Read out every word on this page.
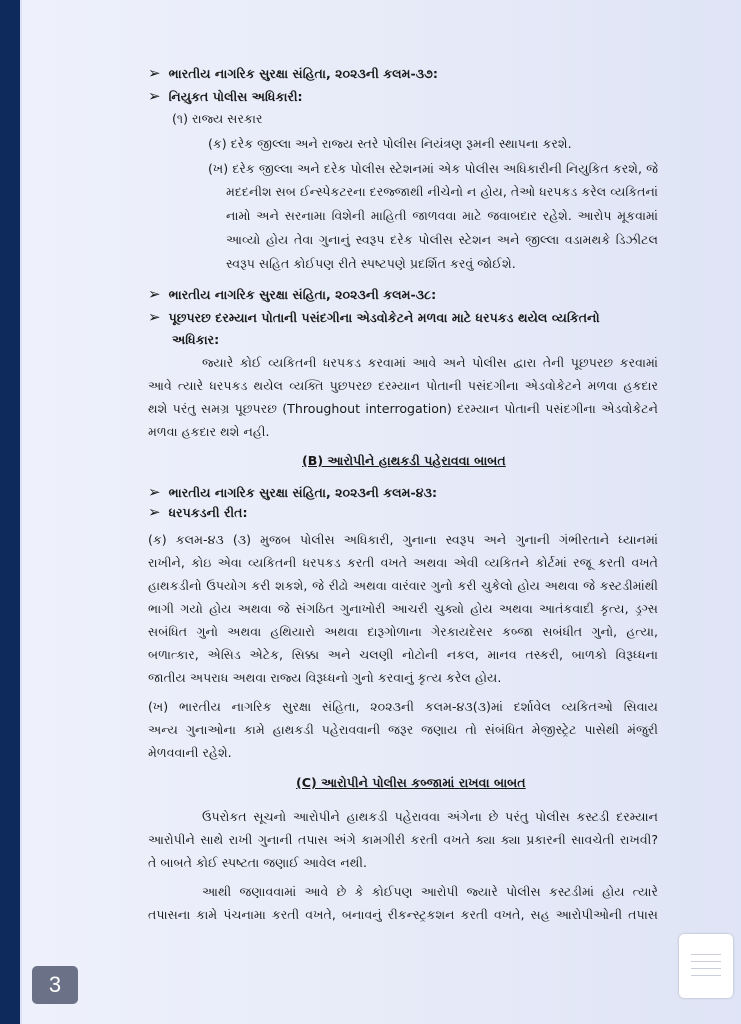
➢ ભારતીય નાગરિક સુરક્ષા સંહિતા, ૨૦૨૩ની કલમ-૩૭:
➢ નિયુકત પોલીસ અધિકારી:
(૧) રાજ્ય સરકાર
(ક) દરેક જીલ્લા અને રાજ્ય સ્તરે પોલીસ નિયંત્રણ રૂમની સ્થાપના કરશે.
(ખ) દરેક જીલ્લા અને દરેક પોલીસ સ્ટેશનમાં એક પોલીસ અધિકારીની નિયુકિત કરશે, જે
મદદનીશ સબ ઈન્સ્પેકટરના દરજ્જાથી નીચેનો ન હોય, તેઓ ધરપકડ કરેલ વ્યકિતનાં
નામો અને સરનામા વિશેની માહિતી જાળવવા માટે જવાબદાર રહેશે. આરોપ મૂકવામાં
આવ્યો હોય તેવા ગુનાનું સ્વરૂપ દરેક પોલીસ સ્ટેશન અને જીલ્લા વડામથકે ડિઝીટલ
સ્વરૂપ સહિત કોઈપણ રીતે સ્પષ્ટપણે પ્રદર્શિત કરવું જોઈશે.
➢ ભારતીય નાગરિક સુરક્ષા સંહિતા, ૨૦૨૩ની કલમ-૩૮:
➢ પૂછપરછ દરમ્યાન પોતાની પસંદગીના એડવોકેટને મળવા માટે ધરપકડ થયેલ વ્યકિતનો
અધિકાર:
જ્યારે કોઈ વ્યકિતની ધરપકડ કરવામાં આવે અને પોલીસ દ્વારા તેની પૂછપરછ કરવામાં
આવે ત્યારે ધરપકડ થયેલ વ્યક્તિ પુછપરછ દરમ્યાન પોતાની પસંદગીના એડવોકેટને મળવા હકદાર
થશે પરંતુ સમગ્ર પૂછપરછ (Throughout interrogation) દરમ્યાન પોતાની પસંદગીના એડવોકેટને
મળવા હકદાર થશે નહી.
(B) આરોપીને હાથકડી પહેરાવવા બાબત
➢ ભારતીય નાગરિક સુરક્ષા સંહિતા, ૨૦૨૩ની કલમ-૪૩:
➢ ધરપકડની રીત:
(ક) કલમ-૪૩ (૩) મુજબ પોલીસ અધિકારી, ગુનાના સ્વરૂપ અને ગુનાની ગંભીરતાને ધ્યાનમાં
રાખીને, કોઇ એવા વ્યકિતની ધરપકડ કરતી વખતે અથવા એવી વ્યકિતને કોર્ટમાં રજૂ કરતી વખતે
હાથકડીનો ઉપયોગ કરી શકશે, જે રીઢો અથવા વારંવાર ગુનો કરી ચુકેલો હોય અથવા જે કસ્ટડીમાંથી
ભાગી ગયો હોય અથવા જે સંગઠિત ગુનાખોરી આચરી ચુક્યો હોય અથવા આતંકવાદી કૃત્ય, ડ્રગ્સ
સબંધિત ગુનો અથવા હથિયારો અથવા દારૂગોળાના ગેરકાયદેસર કબ્જા સબંધીત ગુનો, હત્યા,
બળાત્કાર, એસિડ એટેક, સિક્કા અને ચલણી નોટોની નકલ, માનવ તસ્કરી, બાળકો વિરૂધ્ધના
જાતીય અપરાધ અથવા રાજ્ય વિરૂધ્ધનો ગુનો કરવાનું કૃત્ય કરેલ હોય.
(ખ) ભારતીય નાગરિક સુરક્ષા સંહિતા, ૨૦૨૩ની કલમ-૪૩(૩)માં દર્શાવેલ વ્યકિતઓ સિવાય
અન્ય ગુનાઓના કામે હાથકડી પહેરાવવાની જરૂર જણાય તો સંબંધિત મેજીસ્ટ્રેટ પાસેથી મંજુરી
મેળવવાની રહેશે.
(C) આરોપીને પોલીસ કબ્જામાં રાખવા બાબત
ઉપરોકત સૂચનો આરોપીને હાથકડી પહેરાવવા અંગેના છે પરંતુ પોલીસ કસ્ટડી દરમ્યાન
આરોપીને સાથે રાખી ગુનાની તપાસ અંગે કામગીરી કરતી વખતે ક્યા ક્યા પ્રકારની સાવચેતી રાખવી?
તે બાબતે કોઈ સ્પષ્ટતા જણાઈ આવેલ નથી.
આથી જણાવવામાં આવે છે કે કોઈપણ આરોપી જ્યારે પોલીસ કસ્ટડીમાં હોય ત્યારે
તપાસના કામે પંચનામા કરતી વખતે, બનાવનું રીકન્સ્ટ્રકશન કરતી વખતે, સહ આરોપીઓની તપાસ
3
